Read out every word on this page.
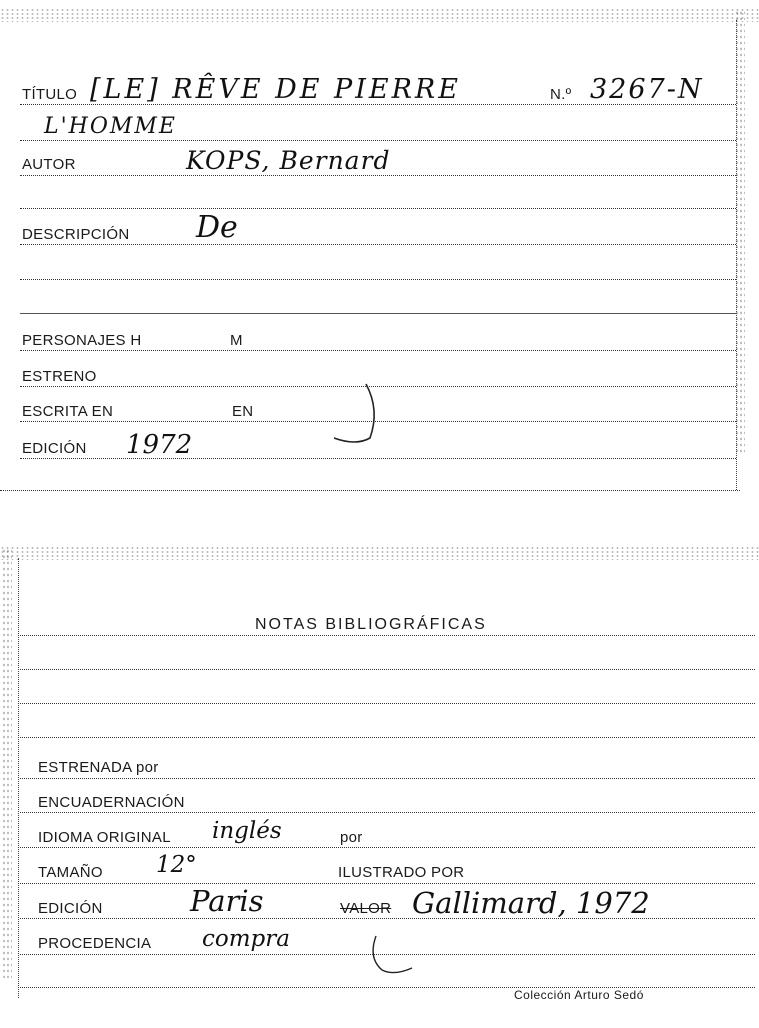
TÍTULO [LE] RÊVE DE PIERRE	N.º 3267-N
L'HOMME
AUTOR	KOPS, Bernard
DESCRIPCIÓN De
PERSONAJES H	M
ESTRENO
ESCRITA EN	EN
EDICIÓN 1972
NOTAS BIBLIOGRÁFICAS
ESTRENADA por
ENCUADERNACIÓN
IDIOMA ORIGINAL inglés	por
TAMAÑO 12°	ILUSTRADO POR
EDICIÓN	Paris	VALOR Gallimard, 1972
PROCEDENCIA compra
Colección Arturo Sedó
